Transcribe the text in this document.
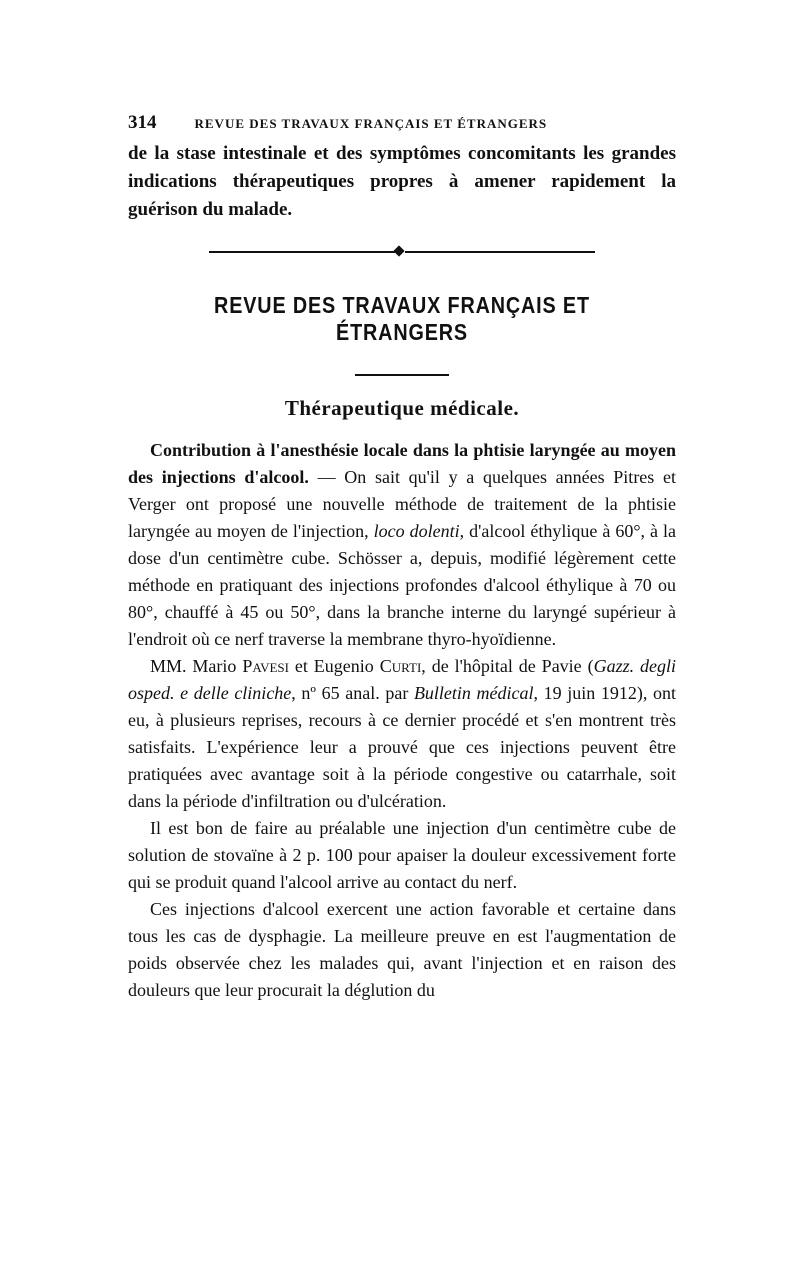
314	REVUE DES TRAVAUX FRANÇAIS ET ÉTRANGERS

de la stase intestinale et des symptômes concomitants les grandes indications thérapeutiques propres à amener rapidement la guérison du malade.

REVUE DES TRAVAUX FRANÇAIS ET ÉTRANGERS
Thérapeutique médicale.

Contribution à l'anesthésie locale dans la phtisie laryngée au moyen des injections d'alcool. — On sait qu'il y a quelques années Pitres et Verger ont proposé une nouvelle méthode de traitement de la phtisie laryngée au moyen de l'injection, loco dolenti, d'alcool éthylique à 60°, à la dose d'un centimètre cube. Schösser a, depuis, modifié légèrement cette méthode en pratiquant des injections profondes d'alcool éthylique à 70 ou 80°, chauffé à 45 ou 50°, dans la branche interne du laryngé supérieur à l'endroit où ce nerf traverse la membrane thyro-hyoïdienne.

MM. Mario Pavesi et Eugenio Curti, de l'hôpital de Pavie (Gazz. degli osped. e delle cliniche, nº 65 anal. par Bulletin médical, 19 juin 1912), ont eu, à plusieurs reprises, recours à ce dernier procédé et s'en montrent très satisfaits. L'expérience leur a prouvé que ces injections peuvent être pratiquées avec avantage soit à la période congestive ou catarrhale, soit dans la période d'infiltration ou d'ulcération.

Il est bon de faire au préalable une injection d'un centimètre cube de solution de stovaïne à 2 p. 100 pour apaiser la douleur excessivement forte qui se produit quand l'alcool arrive au contact du nerf.

Ces injections d'alcool exercent une action favorable et certaine dans tous les cas de dysphagie. La meilleure preuve en est l'augmentation de poids observée chez les malades qui, avant l'injection et en raison des douleurs que leur procurait la déglution du
